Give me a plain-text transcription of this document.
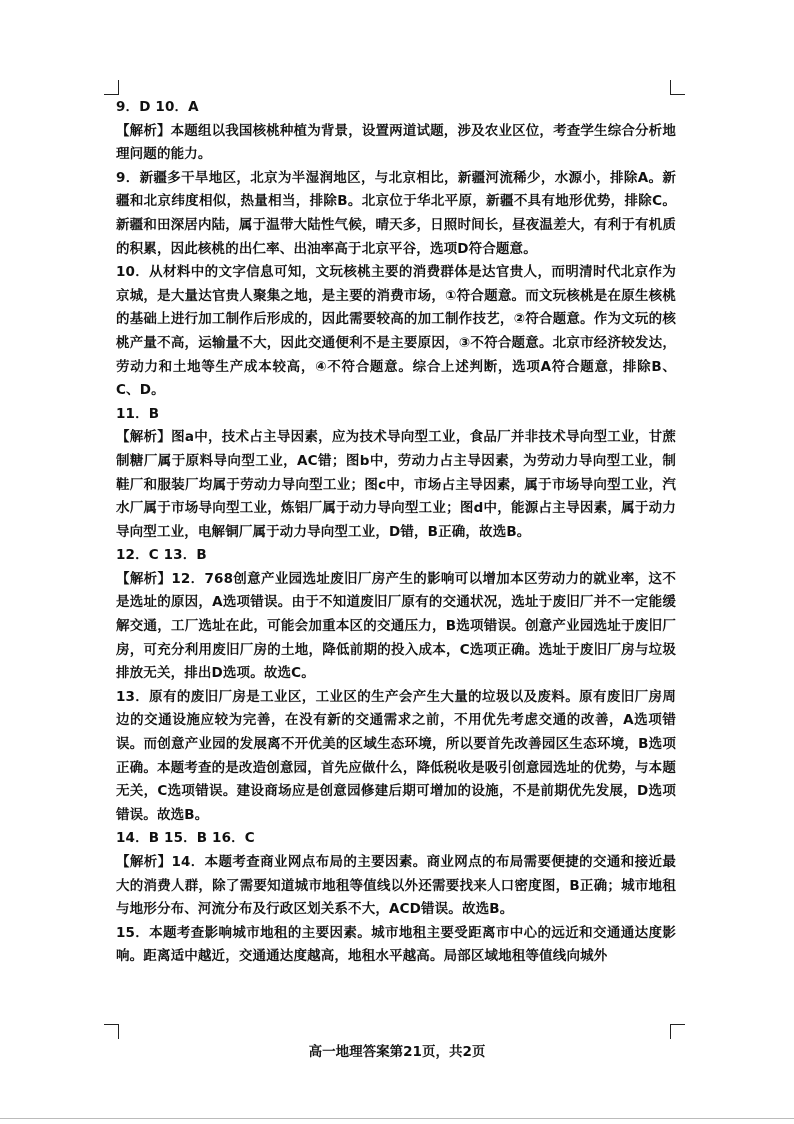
9．D 10．A

【解析】本题组以我国核桃种植为背景，设置两道试题，涉及农业区位，考查学生综合分析地理问题的能力。

9．新疆多干旱地区，北京为半湿润地区，与北京相比，新疆河流稀少，水源小，排除A。新疆和北京纬度相似，热量相当，排除B。北京位于华北平原，新疆不具有地形优势，排除C。新疆和田深居内陆，属于温带大陆性气候，晴天多，日照时间长，昼夜温差大，有利于有机质的积累，因此核桃的出仁率、出油率高于北京平谷，选项D符合题意。

10．从材料中的文字信息可知，文玩核桃主要的消费群体是达官贵人，而明清时代北京作为京城，是大量达官贵人聚集之地，是主要的消费市场，①符合题意。而文玩核桃是在原生核桃的基础上进行加工制作后形成的，因此需要较高的加工制作技艺，②符合题意。作为文玩的核桃产量不高，运输量不大，因此交通便利不是主要原因，③不符合题意。北京市经济较发达，劳动力和土地等生产成本较高，④不符合题意。综合上述判断，选项A符合题意，排除B、C、D。

11．B

【解析】图a中，技术占主导因素，应为技术导向型工业，食品厂并非技术导向型工业，甘蔗制糖厂属于原料导向型工业，AC错；图b中，劳动力占主导因素，为劳动力导向型工业，制鞋厂和服装厂均属于劳动力导向型工业；图c中，市场占主导因素，属于市场导向型工业，汽水厂属于市场导向型工业，炼铝厂属于动力导向型工业；图d中，能源占主导因素，属于动力导向型工业，电解铜厂属于动力导向型工业，D错，B正确，故选B。

12．C 13．B

【解析】12．768创意产业园选址废旧厂房产生的影响可以增加本区劳动力的就业率，这不是选址的原因，A选项错误。由于不知道废旧厂原有的交通状况，选址于废旧厂并不一定能缓解交通，工厂选址在此，可能会加重本区的交通压力，B选项错误。创意产业园选址于废旧厂房，可充分利用废旧厂房的土地，降低前期的投入成本，C选项正确。选址于废旧厂房与垃圾排放无关，排出D选项。故选C。

13．原有的废旧厂房是工业区，工业区的生产会产生大量的垃圾以及废料。原有废旧厂房周边的交通设施应较为完善，在没有新的交通需求之前，不用优先考虑交通的改善，A选项错误。而创意产业园的发展离不开优美的区域生态环境，所以要首先改善园区生态环境，B选项正确。本题考查的是改造创意园，首先应做什么，降低税收是吸引创意园选址的优势，与本题无关，C选项错误。建设商场应是创意园修建后期可增加的设施，不是前期优先发展，D选项错误。故选B。

14．B 15．B 16．C

【解析】14．本题考查商业网点布局的主要因素。商业网点的布局需要便捷的交通和接近最大的消费人群，除了需要知道城市地租等值线以外还需要找来人口密度图，B正确；城市地租与地形分布、河流分布及行政区划关系不大，ACD错误。故选B。

15．本题考查影响城市地租的主要因素。城市地租主要受距离市中心的远近和交通通达度影响。距离适中越近，交通通达度越高，地租水平越高。局部区域地租等值线向城外

高一地理答案第21页，共2页
